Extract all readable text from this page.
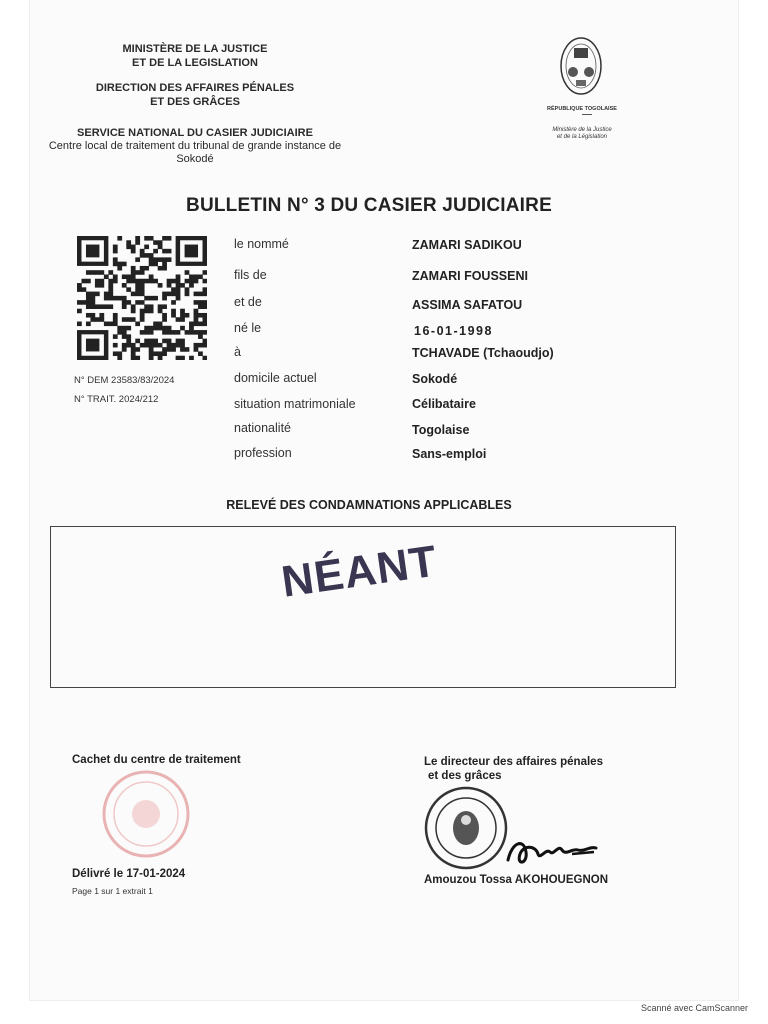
MINISTÈRE DE LA JUSTICE
ET DE LA LEGISLATION
DIRECTION DES AFFAIRES PÉNALES
ET DES GRÂCES
SERVICE NATIONAL DU CASIER JUDICIAIRE
Centre local de traitement du tribunal de grande instance de
Sokodé
RÉPUBLIQUE TOGOLAISE
Ministère de la Justice
et de la Législation
BULLETIN N° 3 DU CASIER JUDICIAIRE
N° DEM 23583/83/2024
N° TRAIT. 2024/212
le nommé	ZAMARI SADIKOU
fils de	ZAMARI FOUSSENI
et de	ASSIMA SAFATOU
né le	16-01-1998
à	TCHAVADE (Tchaoudjo)
domicile actuel	Sokodé
situation matrimoniale	Célibataire
nationalité	Togolaise
profession	Sans-emploi
RELEVÉ DES CONDAMNATIONS APPLICABLES
NÉANT
Cachet du centre de traitement
Délivré le 17-01-2024
Page 1 sur 1 extrait 1
Le directeur des affaires pénales
et des grâces
Amouzou Tossa AKOHOUEGNON
Scanné avec CamScanner
